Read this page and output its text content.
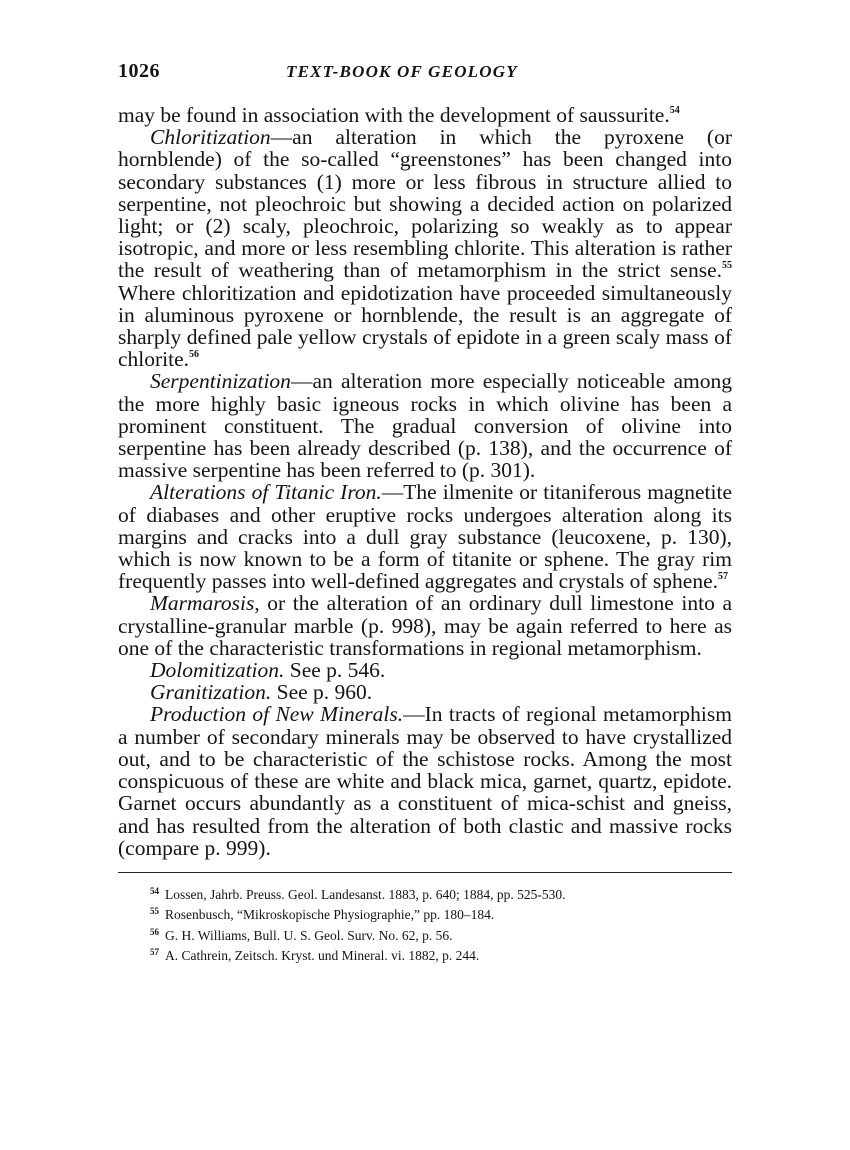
1026	TEXT-BOOK OF GEOLOGY

may be found in association with the development of saussurite.$^{54}$

Chloritization—an alteration in which the pyroxene (or hornblende) of the so-called “greenstones” has been changed into secondary substances (1) more or less fibrous in structure allied to serpentine, not pleochroic but showing a decided action on polarized light; or (2) scaly, pleochroic, polarizing so weakly as to appear isotropic, and more or less resembling chlorite. This alteration is rather the result of weathering than of metamorphism in the strict sense.$^{55}$ Where chloritization and epidotization have proceeded simultaneously in aluminous pyroxene or hornblende, the result is an aggregate of sharply defined pale yellow crystals of epidote in a green scaly mass of chlorite.$^{56}$

Serpentinization—an alteration more especially noticeable among the more highly basic igneous rocks in which olivine has been a prominent constituent. The gradual conversion of olivine into serpentine has been already described (p. 138), and the occurrence of massive serpentine has been referred to (p. 301).

Alterations of Titanic Iron.—The ilmenite or titaniferous magnetite of diabases and other eruptive rocks undergoes alteration along its margins and cracks into a dull gray substance (leucoxene, p. 130), which is now known to be a form of titanite or sphene. The gray rim frequently passes into well-defined aggregates and crystals of sphene.$^{57}$

Marmarosis, or the alteration of an ordinary dull limestone into a crystalline-granular marble (p. 998), may be again referred to here as one of the characteristic transformations in regional metamorphism.

Dolomitization. See p. 546.

Granitization. See p. 960.

Production of New Minerals.—In tracts of regional metamorphism a number of secondary minerals may be observed to have crystallized out, and to be characteristic of the schistose rocks. Among the most conspicuous of these are white and black mica, garnet, quartz, epidote. Garnet occurs abundantly as a constituent of mica-schist and gneiss, and has resulted from the alteration of both clastic and massive rocks (compare p. 999).

$^{54}$ Lossen, Jahrb. Preuss. Geol. Landesanst. 1883, p. 640; 1884, pp. 525-530.
$^{55}$ Rosenbusch, “Mikroskopische Physiographie,” pp. 180–184.
$^{56}$ G. H. Williams, Bull. U. S. Geol. Surv. No. 62, p. 56.
$^{57}$ A. Cathrein, Zeitsch. Kryst. und Mineral. vi. 1882, p. 244.
